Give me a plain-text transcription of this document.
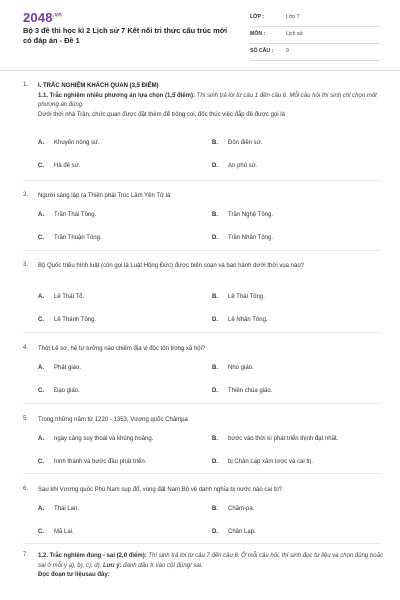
$2048^{.vn}$
Bộ 3 đề thi học kì 2 Lịch sử 7 Kết nối tri thức cấu trúc mới có đáp án - Đề 1
LỚP :	Lớp 7
MÔN :	Lịch sử
SỐ CÂU : 9
1. I. TRẮC NGHIỆM KHÁCH QUAN (3,5 ĐIỂM)
1.1. Trắc nghiệm nhiều phương án lựa chọn (1,5 điểm): Thí sinh trả lời từ câu 1 đến câu 6. Mỗi câu hỏi thí sinh chỉ chọn một phương án đúng.
Dưới thời nhà Trần, chức quan được đặt thêm để trông coi, đốc thúc việc đắp đê được gọi là
A. Khuyến nông sứ.	B. Đồn điền sứ.
C. Hà đê sứ.	D. An phủ sứ.
2. Người sáng lập ra Thiền phái Trúc Lâm Yên Tử là
A. Trần Thái Tông.	B. Trần Nghệ Tông.
C. Trần Thuận Tông.	D. Trần Nhân Tông.
3. Bộ Quốc triều hình luật (còn gọi là Luật Hồng Đức) được biên soạn và ban hành dưới thời vua nào?
A. Lê Thái Tổ.	B. Lê Thái Tông.
C. Lê Thánh Tông.	D. Lê Nhân Tông.
4. Thời Lê sơ, hệ tư tưởng nào chiếm địa vị độc tôn trong xã hội?
A. Phật giáo.	B. Nho giáo.
C. Đạo giáo.	D. Thiên chúa giáo.
5. Trong những năm từ 1220 - 1353, Vương quốc Chămpa
A. ngày càng suy thoái và khủng hoảng.	B. bước vào thời kì phát triển thịnh đạt nhất.
C. hình thành và bước đầu phát triển.	D. bị Chân Lạp xâm lược và cai trị.
6. Sau khi Vương quốc Phù Nam sụp đổ, vùng đất Nam Bộ về danh nghĩa bị nước nào cai trị?
A. Thái Lan.	B. Chăm-pa.
C. Mã Lai.	D. Chân Lạp.
7. 1.2. Trắc nghiệm đúng - sai (2,0 điểm): Thí sinh trả lời từ câu 7 đến câu 8. Ở mỗi câu hỏi, thí sinh đọc tư liệu và chọn đúng hoặc sai ở mỗi ý a), b), c), d). Lưu ý: đánh dấu X vào cột đúng/ sai.
Đọc đoạn tư liệusau đây:
